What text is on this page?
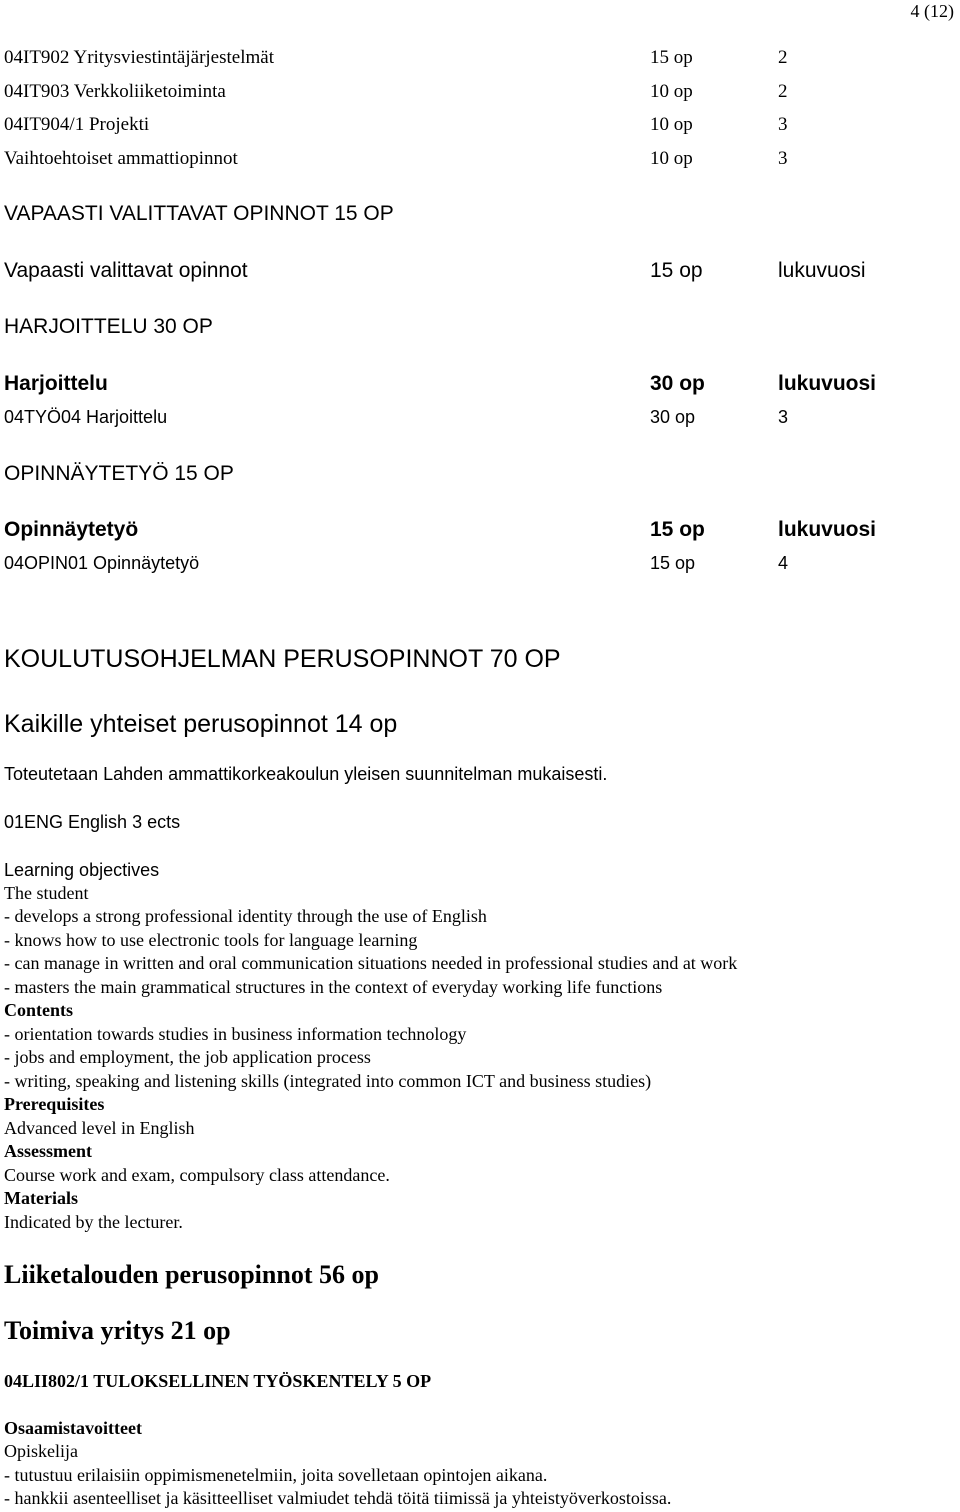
4 (12)
04IT902 Yritysviestintäjärjestelmät	15 op	2
04IT903 Verkkoliiketoiminta	10 op	2
04IT904/1 Projekti	10 op	3
Vaihtoehtoiset ammattiopinnot	10 op	3
VAPAASTI VALITTAVAT OPINNOT 15 OP
Vapaasti valittavat opinnot	15 op	lukuvuosi
HARJOITTELU 30 OP
Harjoittelu	30 op	lukuvuosi
04TYÖ04 Harjoittelu	30 op	3
OPINNÄYTETYÖ 15 OP
Opinnäytetyö	15 op	lukuvuosi
04OPIN01 Opinnäytetyö	15 op	4
KOULUTUSOHJELMAN PERUSOPINNOT 70 OP
Kaikille yhteiset perusopinnot 14 op
Toteutetaan Lahden ammattikorkeakoulun yleisen suunnitelman mukaisesti.
01ENG English 3 ects
Learning objectives
The student
- develops a strong professional identity through the use of English
- knows how to use electronic tools for language learning
- can manage in written and oral communication situations needed in professional studies and at work
- masters the main grammatical structures in the context of everyday working life functions
Contents
- orientation towards studies in business information technology
- jobs and employment, the job application process
- writing, speaking and listening skills (integrated into common ICT and business studies)
Prerequisites
Advanced level in English
Assessment
Course work and exam, compulsory class attendance.
Materials
Indicated by the lecturer.
Liiketalouden perusopinnot 56 op
Toimiva yritys 21 op
04LII802/1 TULOKSELLINEN TYÖSKENTELY 5 OP
Osaamistavoitteet
Opiskelija
- tutustuu erilaisiin oppimismenetelmiin, joita sovelletaan opintojen aikana.
- hankkii asenteelliset ja käsitteelliset valmiudet tehdä töitä tiimissä ja yhteistyöverkostoissa.
